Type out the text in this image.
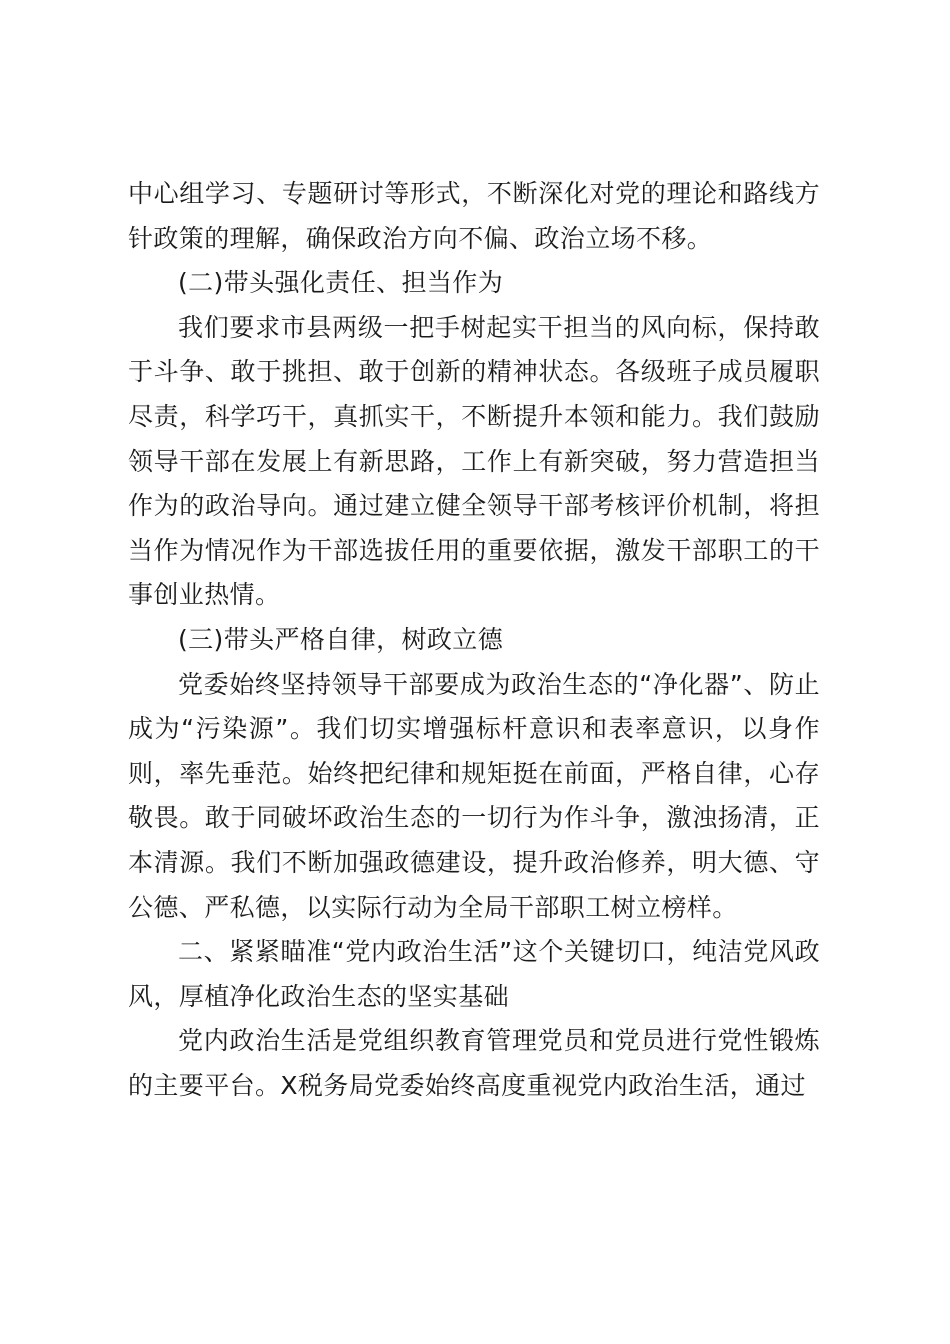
中心组学习、专题研讨等形式，不断深化对党的理论和路线方针政策的理解，确保政治方向不偏、政治立场不移。

(二)带头强化责任、担当作为

我们要求市县两级一把手树起实干担当的风向标，保持敢于斗争、敢于挑担、敢于创新的精神状态。各级班子成员履职尽责，科学巧干，真抓实干，不断提升本领和能力。我们鼓励领导干部在发展上有新思路，工作上有新突破，努力营造担当作为的政治导向。通过建立健全领导干部考核评价机制，将担当作为情况作为干部选拔任用的重要依据，激发干部职工的干事创业热情。

(三)带头严格自律，树政立德

党委始终坚持领导干部要成为政治生态的“净化器”、防止成为“污染源”。我们切实增强标杆意识和表率意识，以身作则，率先垂范。始终把纪律和规矩挺在前面，严格自律，心存敬畏。敢于同破坏政治生态的一切行为作斗争，激浊扬清，正本清源。我们不断加强政德建设，提升政治修养，明大德、守公德、严私德，以实际行动为全局干部职工树立榜样。

二、紧紧瞄准“党内政治生活”这个关键切口，纯洁党风政风，厚植净化政治生态的坚实基础

党内政治生活是党组织教育管理党员和党员进行党性锻炼的主要平台。X税务局党委始终高度重视党内政治生活，通过
